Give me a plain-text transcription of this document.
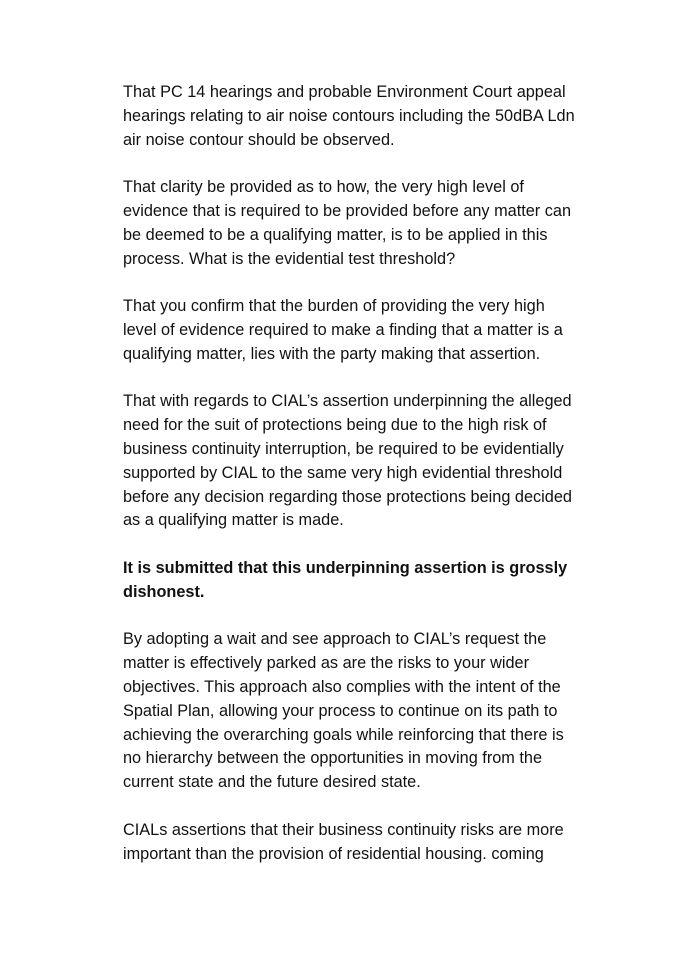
That PC 14 hearings and probable Environment Court appeal
hearings relating to air noise contours including the 50dBA Ldn
air noise contour should be observed.

That clarity be provided as to how, the very high level of
evidence that is required to be provided before any matter can
be deemed to be a qualifying matter, is to be applied in this
process. What is the evidential test threshold?

That you confirm that the burden of providing the very high
level of evidence required to make a finding that a matter is a
qualifying matter, lies with the party making that assertion.

That with regards to CIAL’s assertion underpinning the alleged
need for the suit of protections being due to the high risk of
business continuity interruption, be required to be evidentially
supported by CIAL to the same very high evidential threshold
before any decision regarding those protections being decided
as a qualifying matter is made.

It is submitted that this underpinning assertion is grossly
dishonest.

By adopting a wait and see approach to CIAL’s request the
matter is effectively parked as are the risks to your wider
objectives. This approach also complies with the intent of the
Spatial Plan, allowing your process to continue on its path to
achieving the overarching goals while reinforcing that there is
no hierarchy between the opportunities in moving from the
current state and the future desired state.

CIALs assertions that their business continuity risks are more
important than the provision of residential housing. coming
